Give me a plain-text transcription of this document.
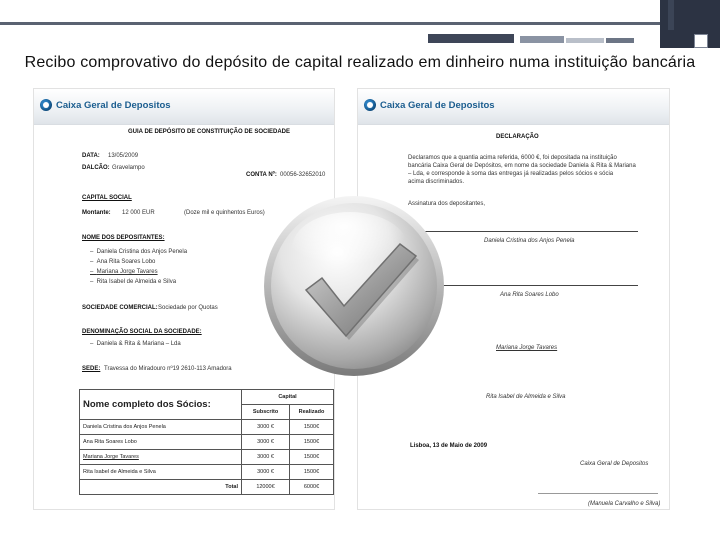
Recibo comprovativo do depósito de capital realizado em dinheiro numa instituição bancária
Caixa Geral de Depositos
GUIA DE DEPÓSITO DE CONSTITUIÇÃO DE SOCIEDADE
DATA: 13/05/2009
DALCÃO: Gravelampo
CONTA Nº: 00056-32652010
CAPITAL SOCIAL
Montante: 12 000 EUR	(Doze mil e quinhentos Euros)
NOME DOS DEPOSITANTES:
–  Daniela Cristina dos Anjos Penela
–  Ana Rita Soares Lobo
–  Mariana Jorge Tavares
–  Rita Isabel de Almeida e Silva
SOCIEDADE COMERCIAL: Sociedade por Quotas
DENOMINAÇÃO SOCIAL DA SOCIEDADE:
–  Daniela & Rita & Mariana – Lda
SEDE: Travessa do Miradouro nº19 2610-113 Amadora
Nome completo dos Sócios:	Capital	
	Subscrito	Realizado
Daniela Cristina dos Anjos Penela	3000 €	1500€
Ana Rita Soares Lobo	3000 €	1500€
Mariana Jorge Tavares	3000 €	1500€
Rita Isabel de Almeida e Silva	3000 €	1500€
Total	12000€	6000€
Caixa Geral de Depositos
DECLARAÇÃO
Declaramos que a quantia acima referida, 6000 €, foi depositada na instituição
bancária Caixa Geral de Depósitos, em nome da sociedade Daniela & Rita & Mariana
– Lda, e corresponde à soma das entregas já realizadas pelos sócios e sócia
acima discriminados.
Assinatura dos depositantes,
Daniela Cristina dos Anjos Penela
Ana Rita Soares Lobo
Mariana Jorge Tavares
Rita Isabel de Almeida e Silva
Lisboa, 13 de Maio de 2009
Caixa Geral de Depositos
(Manuela Carvalho e Silva)
